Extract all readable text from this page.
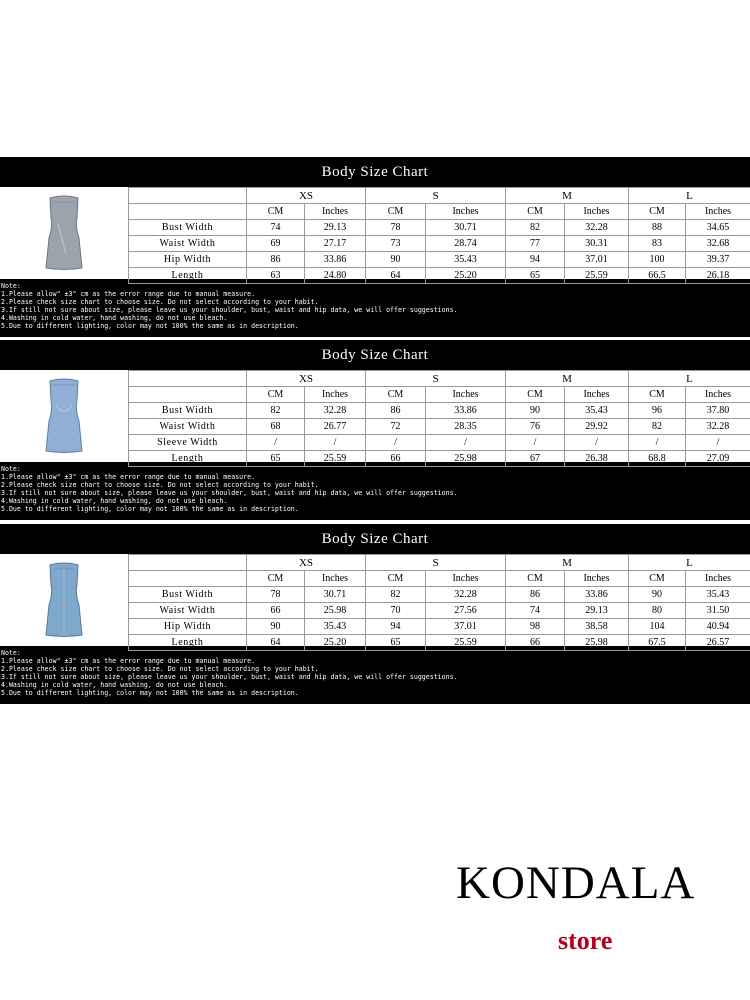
Body Size Chart
	XS		S		M		L	
	CM	Inches	CM	Inches	CM	Inches	CM	Inches
Bust Width	74	29.13	78	30.71	82	32.28	88	34.65
Waist Width	69	27.17	73	28.74	77	30.31	83	32.68
Hip Width	86	33.86	90	35.43	94	37.01	100	39.37
Length	63	24.80	64	25.20	65	25.59	66.5	26.18
Note:
1.Please allow" ±3" cm as the error range due to manual measure.
2.Please check size chart to choose size. Do not select according to your habit.
3.If still not sure about size, please leave us your shoulder, bust, waist and hip data, we will offer suggestions.
4.Washing in cold water, hand washing, do not use bleach.
5.Due to different lighting, color may not 100% the same as in description.
Body Size Chart
	XS		S		M		L	
	CM	Inches	CM	Inches	CM	Inches	CM	Inches
Bust Width	82	32.28	86	33.86	90	35.43	96	37.80
Waist Width	68	26.77	72	28.35	76	29.92	82	32.28
Sleeve Width	/	/	/	/	/	/	/	/
Length	65	25.59	66	25.98	67	26.38	68.8	27.09
Note:
1.Please allow" ±3" cm as the error range due to manual measure.
2.Please check size chart to choose size. Do not select according to your habit.
3.If still not sure about size, please leave us your shoulder, bust, waist and hip data, we will offer suggestions.
4.Washing in cold water, hand washing, do not use bleach.
5.Due to different lighting, color may not 100% the same as in description.
Body Size Chart
	XS		S		M		L	
	CM	Inches	CM	Inches	CM	Inches	CM	Inches
Bust Width	78	30.71	82	32.28	86	33.86	90	35.43
Waist Width	66	25.98	70	27.56	74	29.13	80	31.50
Hip Width	90	35.43	94	37.01	98	38.58	104	40.94
Length	64	25.20	65	25.59	66	25.98	67.5	26.57
Note:
1.Please allow" ±3" cm as the error range due to manual measure.
2.Please check size chart to choose size. Do not select according to your habit.
3.If still not sure about size, please leave us your shoulder, bust, waist and hip data, we will offer suggestions.
4.Washing in cold water, hand washing, do not use bleach.
5.Due to different lighting, color may not 100% the same as in description.
KONDALA
store
